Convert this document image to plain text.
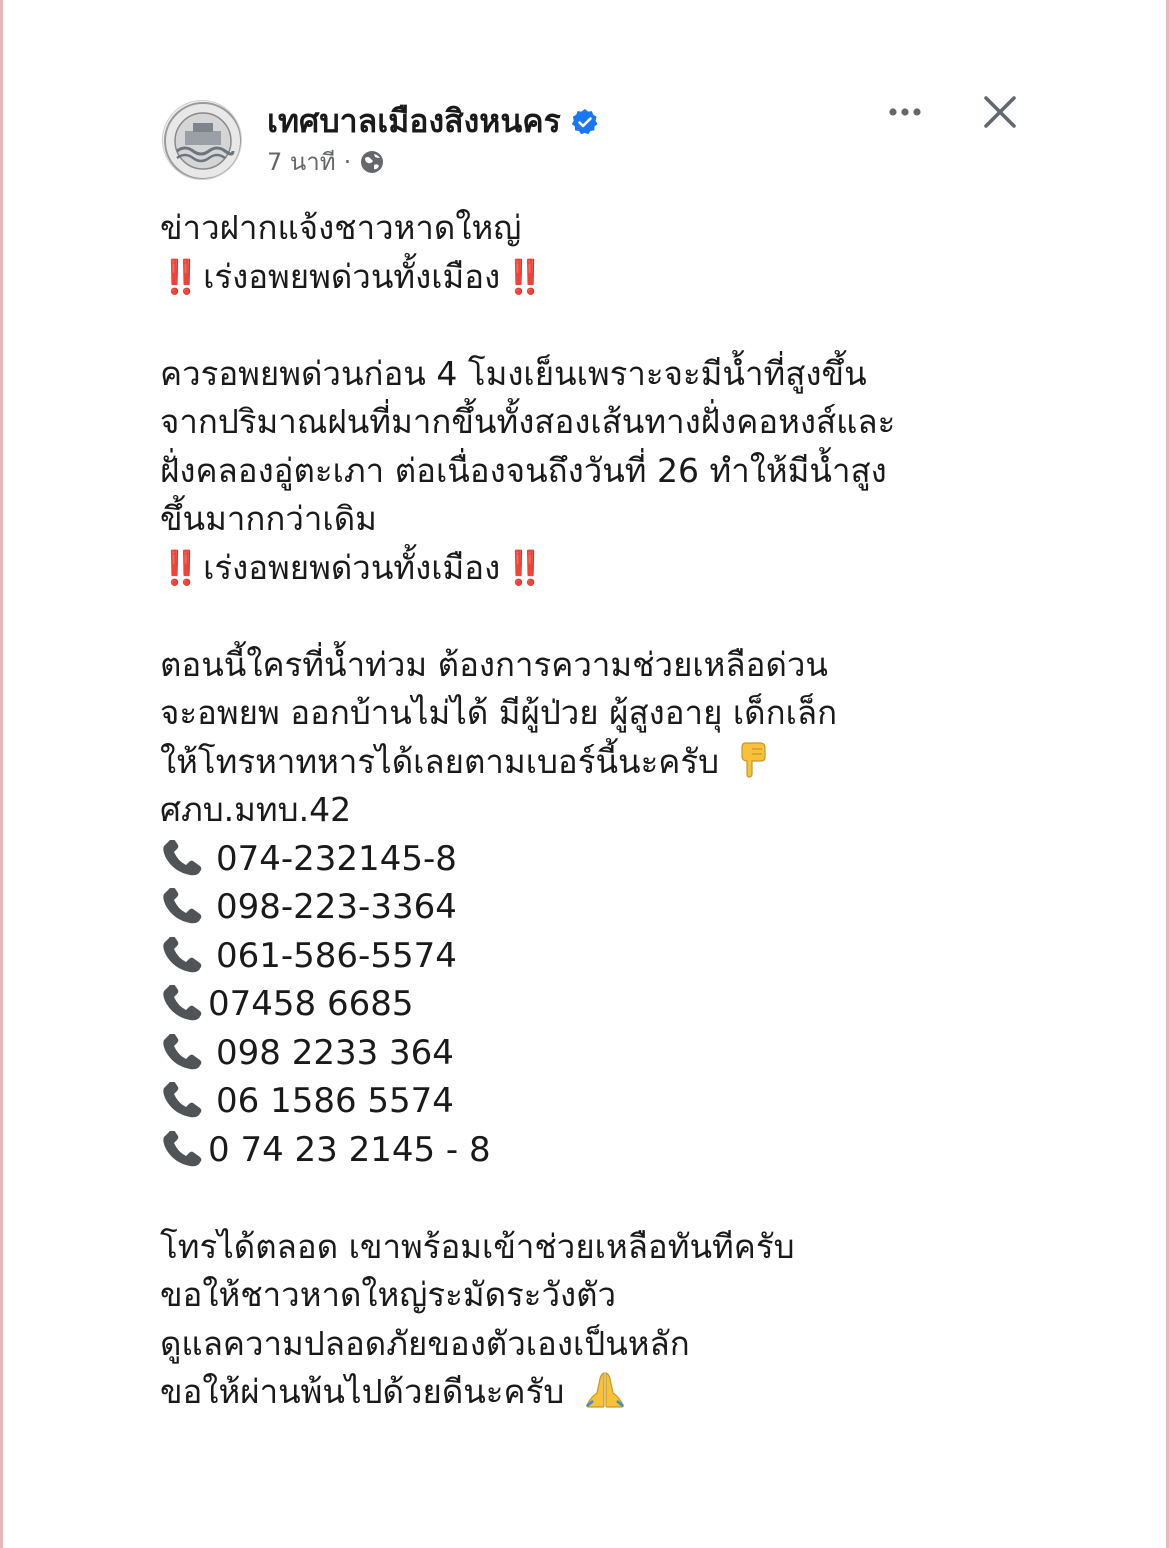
เทศบาลเมืองสิงหนคร
7 นาที ·
ข่าวฝากแจ้งชาวหาดใหญ่
‼️ เร่งอพยพด่วนทั้งเมือง ‼️
ควรอพยพด่วนก่อน 4 โมงเย็นเพราะจะมีน้ำที่สูงขึ้น
จากปริมาณฝนที่มากขึ้นทั้งสองเส้นทางฝั่งคอหงส์และ
ฝั่งคลองอู่ตะเภา ต่อเนื่องจนถึงวันที่ 26 ทำให้มีน้ำสูง
ขึ้นมากกว่าเดิม
‼️ เร่งอพยพด่วนทั้งเมือง ‼️
ตอนนี้ใครที่น้ำท่วม ต้องการความช่วยเหลือด่วน
จะอพยพ ออกบ้านไม่ได้ มีผู้ป่วย ผู้สูงอายุ เด็กเล็ก
ให้โทรหาทหารได้เลยตามเบอร์นี้นะครับ
ศภบ.มทบ.42
074-232145-8
098-223-3364
061-586-5574
07458 6685
098 2233 364
06 1586 5574
0 74 23 2145 - 8
โทรได้ตลอด เขาพร้อมเข้าช่วยเหลือทันทีครับ
ขอให้ชาวหาดใหญ่ระมัดระวังตัว
ดูแลความปลอดภัยของตัวเองเป็นหลัก
ขอให้ผ่านพ้นไปด้วยดีนะครับ
